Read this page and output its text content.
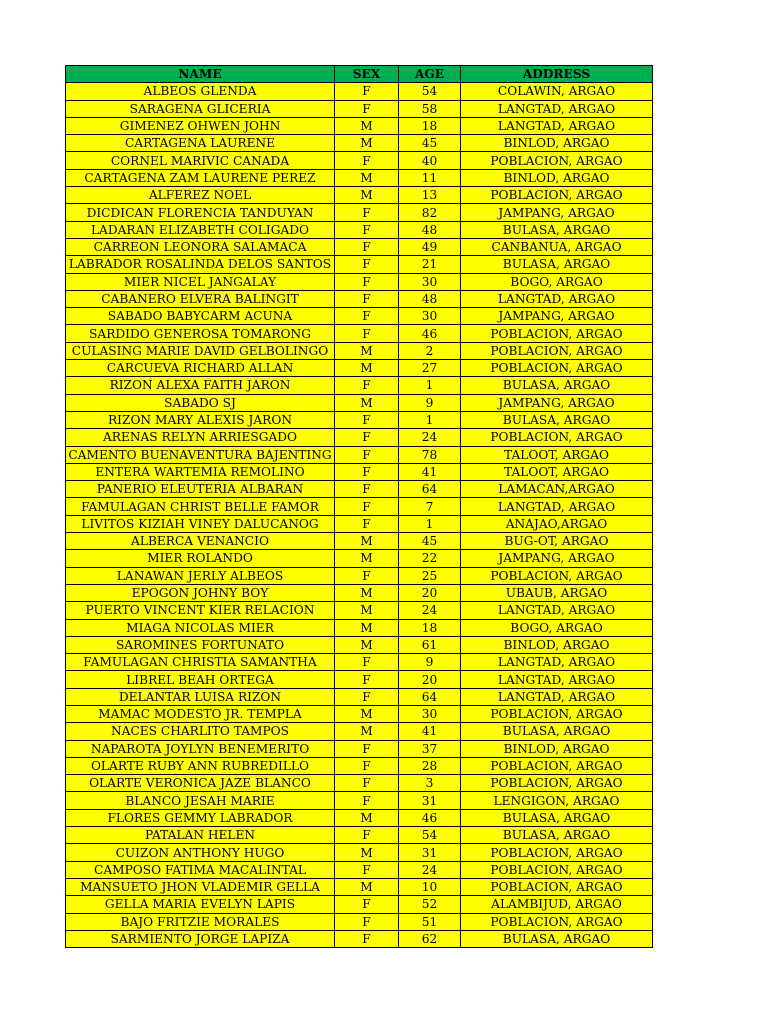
NAME	SEX	AGE	ADDRESS
ALBEOS GLENDA	F	54	COLAWIN, ARGAO
SARAGENA GLICERIA	F	58	LANGTAD, ARGAO
GIMENEZ OHWEN JOHN	M	18	LANGTAD, ARGAO
CARTAGENA LAURENE	M	45	BINLOD, ARGAO
CORNEL MARIVIC CANADA	F	40	POBLACION, ARGAO
CARTAGENA ZAM LAURENE PEREZ	M	11	BINLOD, ARGAO
ALFEREZ NOEL	M	13	POBLACION, ARGAO
DICDICAN FLORENCIA TANDUYAN	F	82	JAMPANG, ARGAO
LADARAN ELIZABETH COLIGADO	F	48	BULASA, ARGAO
CARREON LEONORA SALAMACA	F	49	CANBANUA, ARGAO
LABRADOR ROSALINDA DELOS SANTOS	F	21	BULASA, ARGAO
MIER NICEL JANGALAY	F	30	BOGO, ARGAO
CABANERO ELVERA BALINGIT	F	48	LANGTAD, ARGAO
SABADO BABYCARM ACUNA	F	30	JAMPANG, ARGAO
SARDIDO GENEROSA TOMARONG	F	46	POBLACION, ARGAO
CULASING MARIE DAVID GELBOLINGO	M	2	POBLACION, ARGAO
CARCUEVA RICHARD ALLAN	M	27	POBLACION, ARGAO
RIZON ALEXA FAITH JARON	F	1	BULASA, ARGAO
SABADO SJ	M	9	JAMPANG, ARGAO
RIZON MARY ALEXIS JARON	F	1	BULASA, ARGAO
ARENAS RELYN ARRIESGADO	F	24	POBLACION, ARGAO
CAMENTO BUENAVENTURA BAJENTING	F	78	TALOOT, ARGAO
ENTERA WARTEMIA REMOLINO	F	41	TALOOT, ARGAO
PANERIO ELEUTERIA ALBARAN	F	64	LAMACAN,ARGAO
FAMULAGAN CHRIST BELLE FAMOR	F	7	LANGTAD, ARGAO
LIVITOS KIZIAH VINEY DALUCANOG	F	1	ANAJAO,ARGAO
ALBERCA VENANCIO	M	45	BUG-OT, ARGAO
MIER ROLANDO	M	22	JAMPANG, ARGAO
LANAWAN JERLY ALBEOS	F	25	POBLACION, ARGAO
EPOGON JOHNY BOY	M	20	UBAUB, ARGAO
PUERTO VINCENT KIER RELACION	M	24	LANGTAD, ARGAO
MIAGA NICOLAS MIER	M	18	BOGO, ARGAO
SAROMINES FORTUNATO	M	61	BINLOD, ARGAO
FAMULAGAN CHRISTIA SAMANTHA	F	9	LANGTAD, ARGAO
LIBREL BEAH ORTEGA	F	20	LANGTAD, ARGAO
DELANTAR LUISA RIZON	F	64	LANGTAD, ARGAO
MAMAC MODESTO JR. TEMPLA	M	30	POBLACION, ARGAO
NACES CHARLITO TAMPOS	M	41	BULASA, ARGAO
NAPAROTA JOYLYN BENEMERITO	F	37	BINLOD, ARGAO
OLARTE RUBY ANN RUBREDILLO	F	28	POBLACION, ARGAO
OLARTE VERONICA JAZE BLANCO	F	3	POBLACION, ARGAO
BLANCO JESAH MARIE	F	31	LENGIGON, ARGAO
FLORES GEMMY LABRADOR	M	46	BULASA, ARGAO
PATALAN HELEN	F	54	BULASA, ARGAO
CUIZON ANTHONY HUGO	M	31	POBLACION, ARGAO
CAMPOSO FATIMA MACALINTAL	F	24	POBLACION, ARGAO
MANSUETO JHON VLADEMIR GELLA	M	10	POBLACION, ARGAO
GELLA MARIA EVELYN LAPIS	F	52	ALAMBIJUD, ARGAO
BAJO FRITZIE MORALES	F	51	POBLACION, ARGAO
SARMIENTO JORGE LAPIZA	F	62	BULASA, ARGAO
